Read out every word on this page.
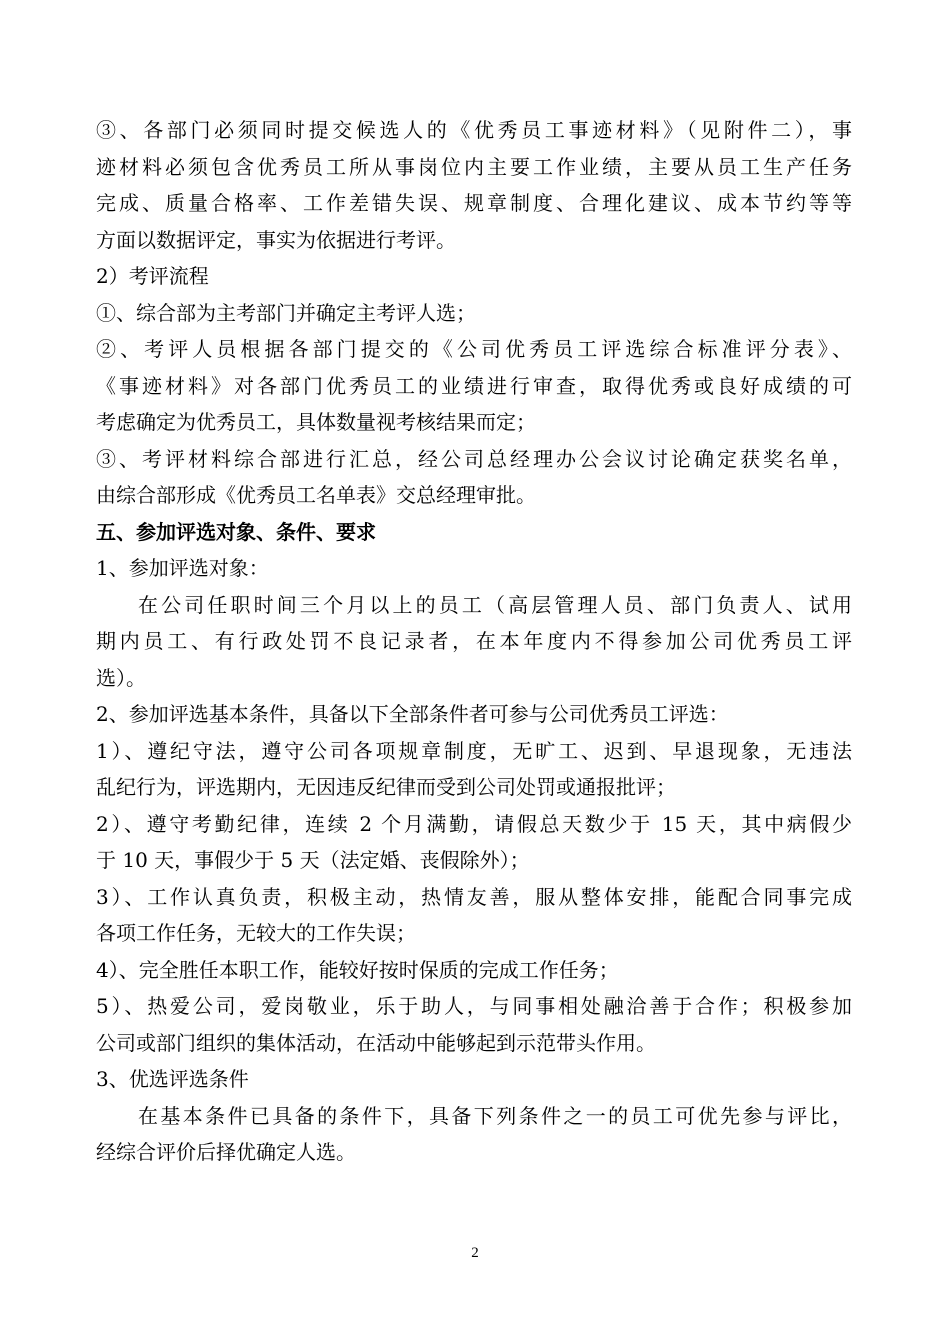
③、各部门必须同时提交候选人的《优秀员工事迹材料》（见附件二），事
迹材料必须包含优秀员工所从事岗位内主要工作业绩，主要从员工生产任务
完成、质量合格率、工作差错失误、规章制度、合理化建议、成本节约等等
方面以数据评定，事实为依据进行考评。
2）考评流程
①、综合部为主考部门并确定主考评人选；
②、考评人员根据各部门提交的《公司优秀员工评选综合标准评分表》、
《事迹材料》对各部门优秀员工的业绩进行审查，取得优秀或良好成绩的可
考虑确定为优秀员工，具体数量视考核结果而定；
③、考评材料综合部进行汇总，经公司总经理办公会议讨论确定获奖名单，
由综合部形成《优秀员工名单表》交总经理审批。
五、参加评选对象、条件、要求
1、参加评选对象：
在公司任职时间三个月以上的员工（高层管理人员、部门负责人、试用
期内员工、有行政处罚不良记录者，在本年度内不得参加公司优秀员工评
选）。
2、参加评选基本条件，具备以下全部条件者可参与公司优秀员工评选：
1）、遵纪守法，遵守公司各项规章制度，无旷工、迟到、早退现象，无违法
乱纪行为，评选期内，无因违反纪律而受到公司处罚或通报批评；
2）、遵守考勤纪律，连续 2 个月满勤，请假总天数少于 15 天，其中病假少
于 10 天，事假少于 5 天（法定婚、丧假除外）；
3）、工作认真负责，积极主动，热情友善，服从整体安排，能配合同事完成
各项工作任务，无较大的工作失误；
4）、完全胜任本职工作，能较好按时保质的完成工作任务；
5）、热爱公司，爱岗敬业，乐于助人，与同事相处融洽善于合作；积极参加
公司或部门组织的集体活动，在活动中能够起到示范带头作用。
3、优选评选条件
在基本条件已具备的条件下，具备下列条件之一的员工可优先参与评比，
经综合评价后择优确定人选。
2
